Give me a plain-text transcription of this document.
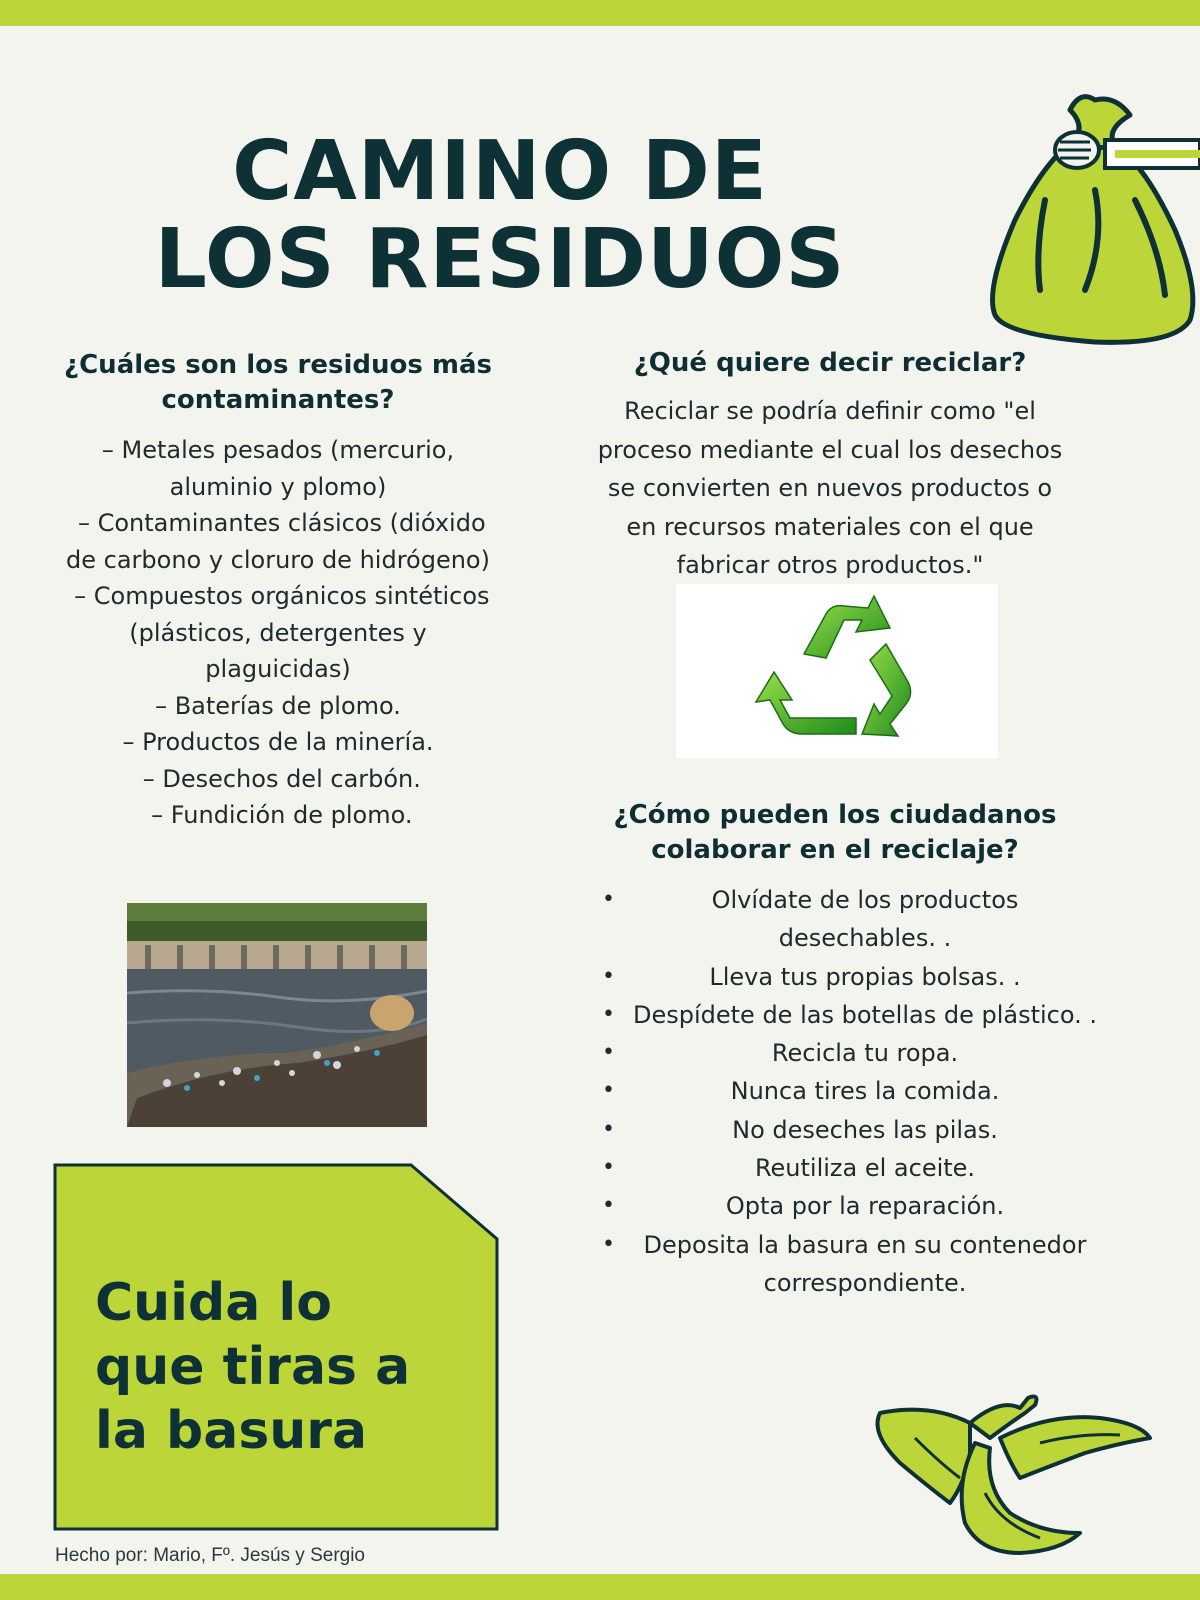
CAMINO DE
LOS RESIDUOS
¿Cuáles son los residuos más contaminantes?
– Metales pesados (mercurio,
aluminio y plomo)
– Contaminantes clásicos (dióxido
de carbono y cloruro de hidrógeno)
– Compuestos orgánicos sintéticos
(plásticos, detergentes y
plaguicidas)
– Baterías de plomo.
– Productos de la minería.
– Desechos del carbón.
– Fundición de plomo.
¿Qué quiere decir reciclar?
Reciclar se podría definir como "el
proceso mediante el cual los desechos
se convierten en nuevos productos o
en recursos materiales con el que
fabricar otros productos."
¿Cómo pueden los ciudadanos colaborar en el reciclaje?
• Olvídate de los productos desechables. .
• Lleva tus propias bolsas. .
• Despídete de las botellas de plástico. .
• Recicla tu ropa.
• Nunca tires la comida.
• No deseches las pilas.
• Reutiliza el aceite.
• Opta por la reparación.
• Deposita la basura en su contenedor correspondiente.
Cuida lo
que tiras a
la basura
Hecho por: Mario, Fº. Jesús y Sergio
